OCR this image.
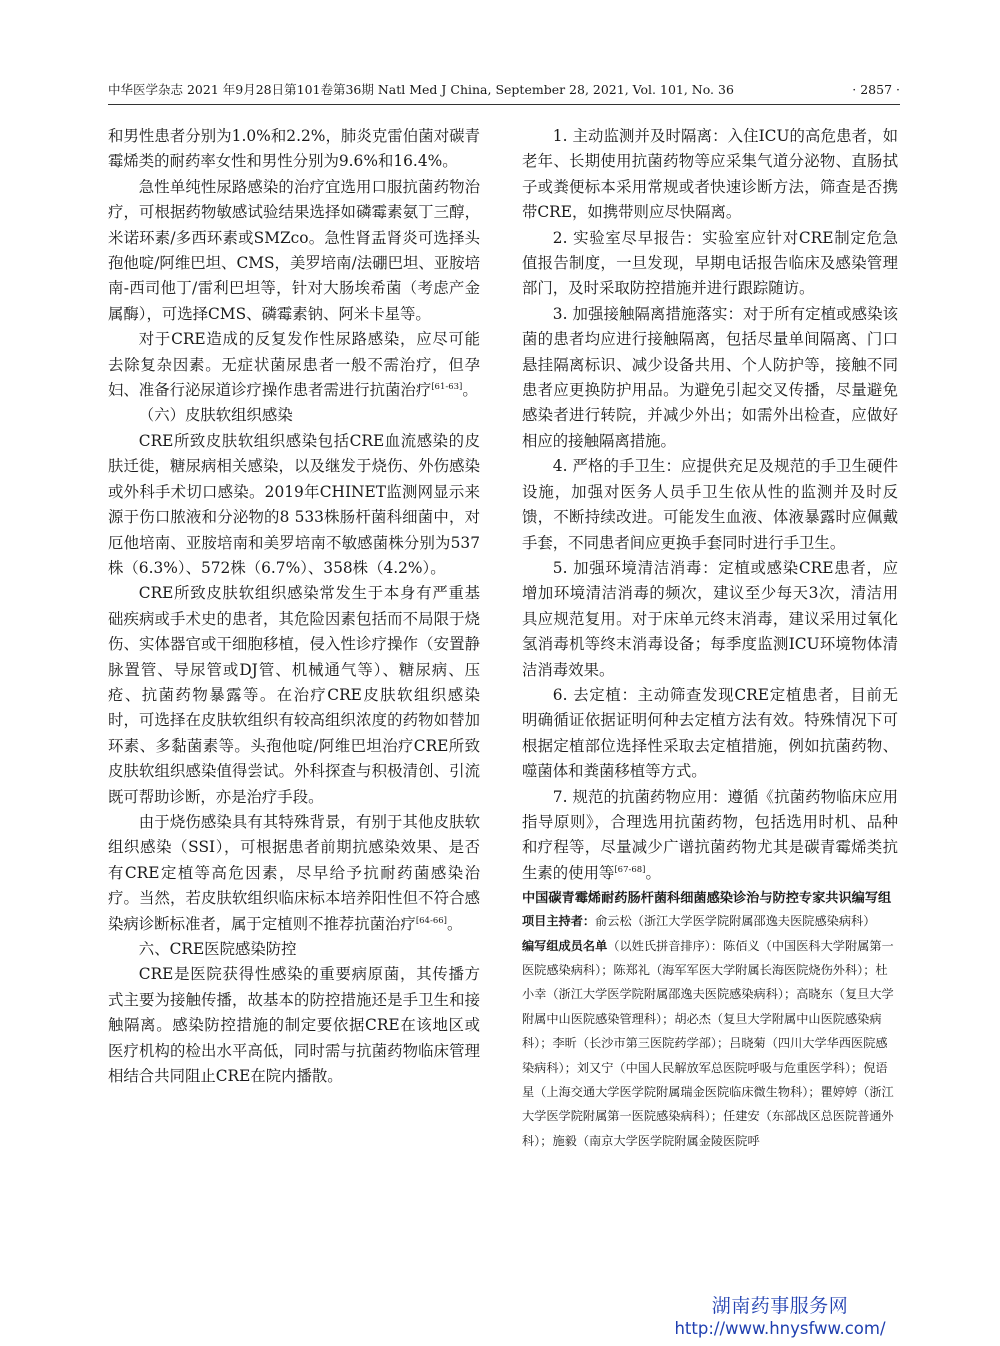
中华医学杂志 2021 年9月28日第101卷第36期 Natl Med J China, September 28, 2021, Vol. 101, No. 36	· 2857 ·

和男性患者分别为1.0%和2.2%，肺炎克雷伯菌对碳青霉烯类的耐药率女性和男性分别为9.6%和16.4%。

急性单纯性尿路感染的治疗宜选用口服抗菌药物治疗，可根据药物敏感试验结果选择如磷霉素氨丁三醇，米诺环素/多西环素或SMZco。急性肾盂肾炎可选择头孢他啶/阿维巴坦、CMS，美罗培南/法硼巴坦、亚胺培南-西司他丁/雷利巴坦等，针对大肠埃希菌（考虑产金属酶），可选择CMS、磷霉素钠、阿米卡星等。

对于CRE造成的反复发作性尿路感染，应尽可能去除复杂因素。无症状菌尿患者一般不需治疗，但孕妇、准备行泌尿道诊疗操作患者需进行抗菌治疗[61-63]。

（六）皮肤软组织感染

CRE所致皮肤软组织感染包括CRE血流感染的皮肤迁徙，糖尿病相关感染，以及继发于烧伤、外伤感染或外科手术切口感染。2019年CHINET监测网显示来源于伤口脓液和分泌物的8 533株肠杆菌科细菌中，对厄他培南、亚胺培南和美罗培南不敏感菌株分别为537株（6.3%）、572株（6.7%）、358株（4.2%）。

CRE所致皮肤软组织感染常发生于本身有严重基础疾病或手术史的患者，其危险因素包括而不局限于烧伤、实体器官或干细胞移植，侵入性诊疗操作（安置静脉置管、导尿管或DJ管、机械通气等）、糖尿病、压疮、抗菌药物暴露等。在治疗CRE皮肤软组织感染时，可选择在皮肤软组织有较高组织浓度的药物如替加环素、多黏菌素等。头孢他啶/阿维巴坦治疗CRE所致皮肤软组织感染值得尝试。外科探查与积极清创、引流既可帮助诊断，亦是治疗手段。

由于烧伤感染具有其特殊背景，有别于其他皮肤软组织感染（SSI），可根据患者前期抗感染效果、是否有CRE定植等高危因素，尽早给予抗耐药菌感染治疗。当然，若皮肤软组织临床标本培养阳性但不符合感染病诊断标准者，属于定植则不推荐抗菌治疗[64-66]。

六、CRE医院感染防控

CRE是医院获得性感染的重要病原菌，其传播方式主要为接触传播，故基本的防控措施还是手卫生和接触隔离。感染防控措施的制定要依据CRE在该地区或医疗机构的检出水平高低，同时需与抗菌药物临床管理相结合共同阻止CRE在院内播散。

1. 主动监测并及时隔离：入住ICU的高危患者，如老年、长期使用抗菌药物等应采集气道分泌物、直肠拭子或粪便标本采用常规或者快速诊断方法，筛查是否携带CRE，如携带则应尽快隔离。

2. 实验室尽早报告：实验室应针对CRE制定危急值报告制度，一旦发现，早期电话报告临床及感染管理部门，及时采取防控措施并进行跟踪随访。

3. 加强接触隔离措施落实：对于所有定植或感染该菌的患者均应进行接触隔离，包括尽量单间隔离、门口悬挂隔离标识、减少设备共用、个人防护等，接触不同患者应更换防护用品。为避免引起交叉传播，尽量避免感染者进行转院，并减少外出；如需外出检查，应做好相应的接触隔离措施。

4. 严格的手卫生：应提供充足及规范的手卫生硬件设施，加强对医务人员手卫生依从性的监测并及时反馈，不断持续改进。可能发生血液、体液暴露时应佩戴手套，不同患者间应更换手套同时进行手卫生。

5. 加强环境清洁消毒：定植或感染CRE患者，应增加环境清洁消毒的频次，建议至少每天3次，清洁用具应规范复用。对于床单元终末消毒，建议采用过氧化氢消毒机等终末消毒设备；每季度监测ICU环境物体清洁消毒效果。

6. 去定植：主动筛查发现CRE定植患者，目前无明确循证依据证明何种去定植方法有效。特殊情况下可根据定植部位选择性采取去定植措施，例如抗菌药物、噬菌体和粪菌移植等方式。

7. 规范的抗菌药物应用：遵循《抗菌药物临床应用指导原则》，合理选用抗菌药物，包括选用时机、品种和疗程等，尽量减少广谱抗菌药物尤其是碳青霉烯类抗生素的使用等[67-68]。

中国碳青霉烯耐药肠杆菌科细菌感染诊治与防控专家共识编写组

项目主持者：俞云松（浙江大学医学院附属邵逸夫医院感染病科）

编写组成员名单（以姓氏拼音排序）：陈佰义（中国医科大学附属第一医院感染病科）；陈郑礼（海军军医大学附属长海医院烧伤外科）；杜小幸（浙江大学医学院附属邵逸夫医院感染病科）；高晓东（复旦大学附属中山医院感染管理科）；胡必杰（复旦大学附属中山医院感染病科）；李昕（长沙市第三医院药学部）；吕晓菊（四川大学华西医院感染病科）；刘又宁（中国人民解放军总医院呼吸与危重医学科）；倪语星（上海交通大学医学院附属瑞金医院临床微生物科）；瞿婷婷（浙江大学医学院附属第一医院感染病科）；任建安（东部战区总医院普通外科）；施毅（南京大学医学院附属金陵医院呼

湖南药事服务网
http://www.hnysfww.com/
